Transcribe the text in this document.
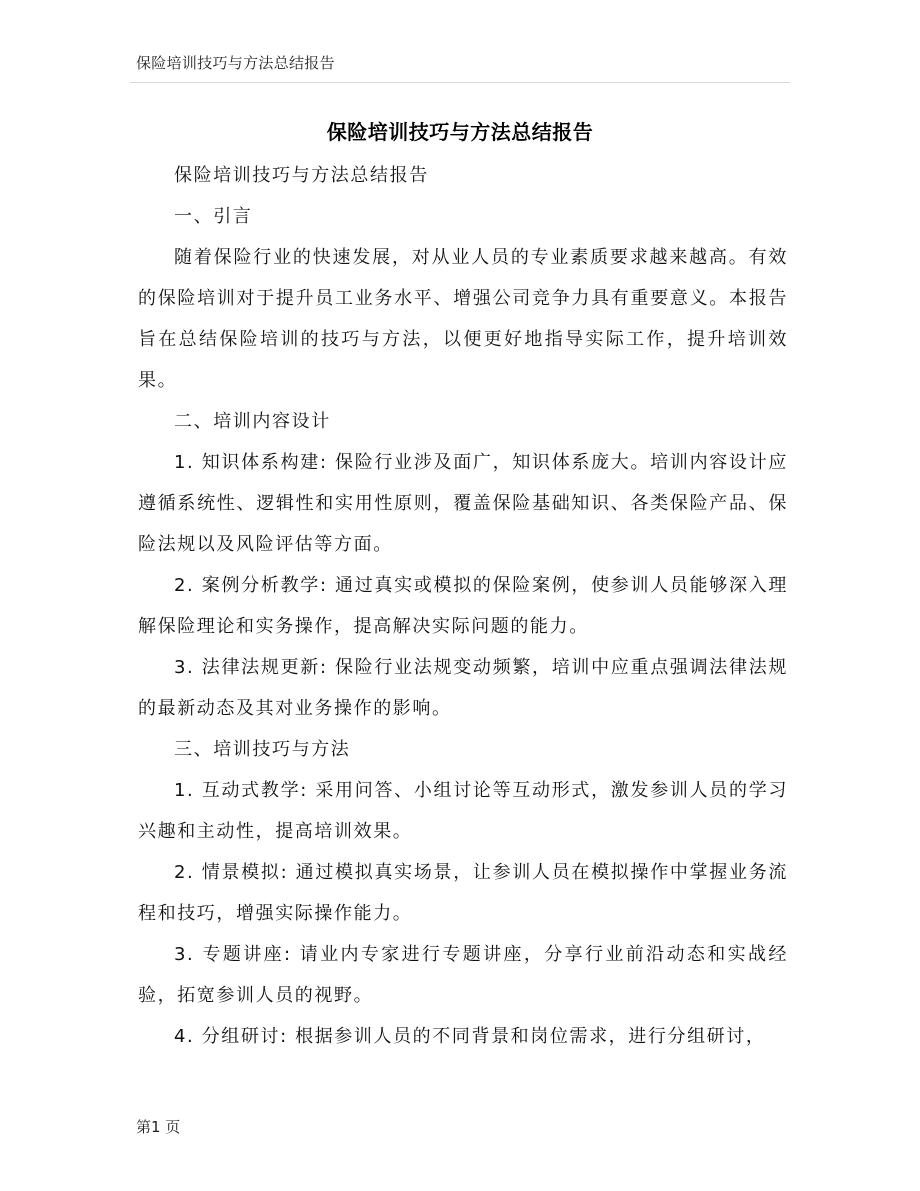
保险培训技巧与方法总结报告
保险培训技巧与方法总结报告

保险培训技巧与方法总结报告

一、引言

随着保险行业的快速发展，对从业人员的专业素质要求越来越高。有效的保险培训对于提升员工业务水平、增强公司竞争力具有重要意义。本报告旨在总结保险培训的技巧与方法，以便更好地指导实际工作，提升培训效果。

二、培训内容设计

1. 知识体系构建: 保险行业涉及面广，知识体系庞大。培训内容设计应遵循系统性、逻辑性和实用性原则，覆盖保险基础知识、各类保险产品、保险法规以及风险评估等方面。

2. 案例分析教学: 通过真实或模拟的保险案例，使参训人员能够深入理解保险理论和实务操作，提高解决实际问题的能力。

3. 法律法规更新: 保险行业法规变动频繁，培训中应重点强调法律法规的最新动态及其对业务操作的影响。

三、培训技巧与方法

1. 互动式教学: 采用问答、小组讨论等互动形式，激发参训人员的学习兴趣和主动性，提高培训效果。

2. 情景模拟: 通过模拟真实场景，让参训人员在模拟操作中掌握业务流程和技巧，增强实际操作能力。

3. 专题讲座: 请业内专家进行专题讲座，分享行业前沿动态和实战经验，拓宽参训人员的视野。

4. 分组研讨: 根据参训人员的不同背景和岗位需求，进行分组研讨，

第1 页
